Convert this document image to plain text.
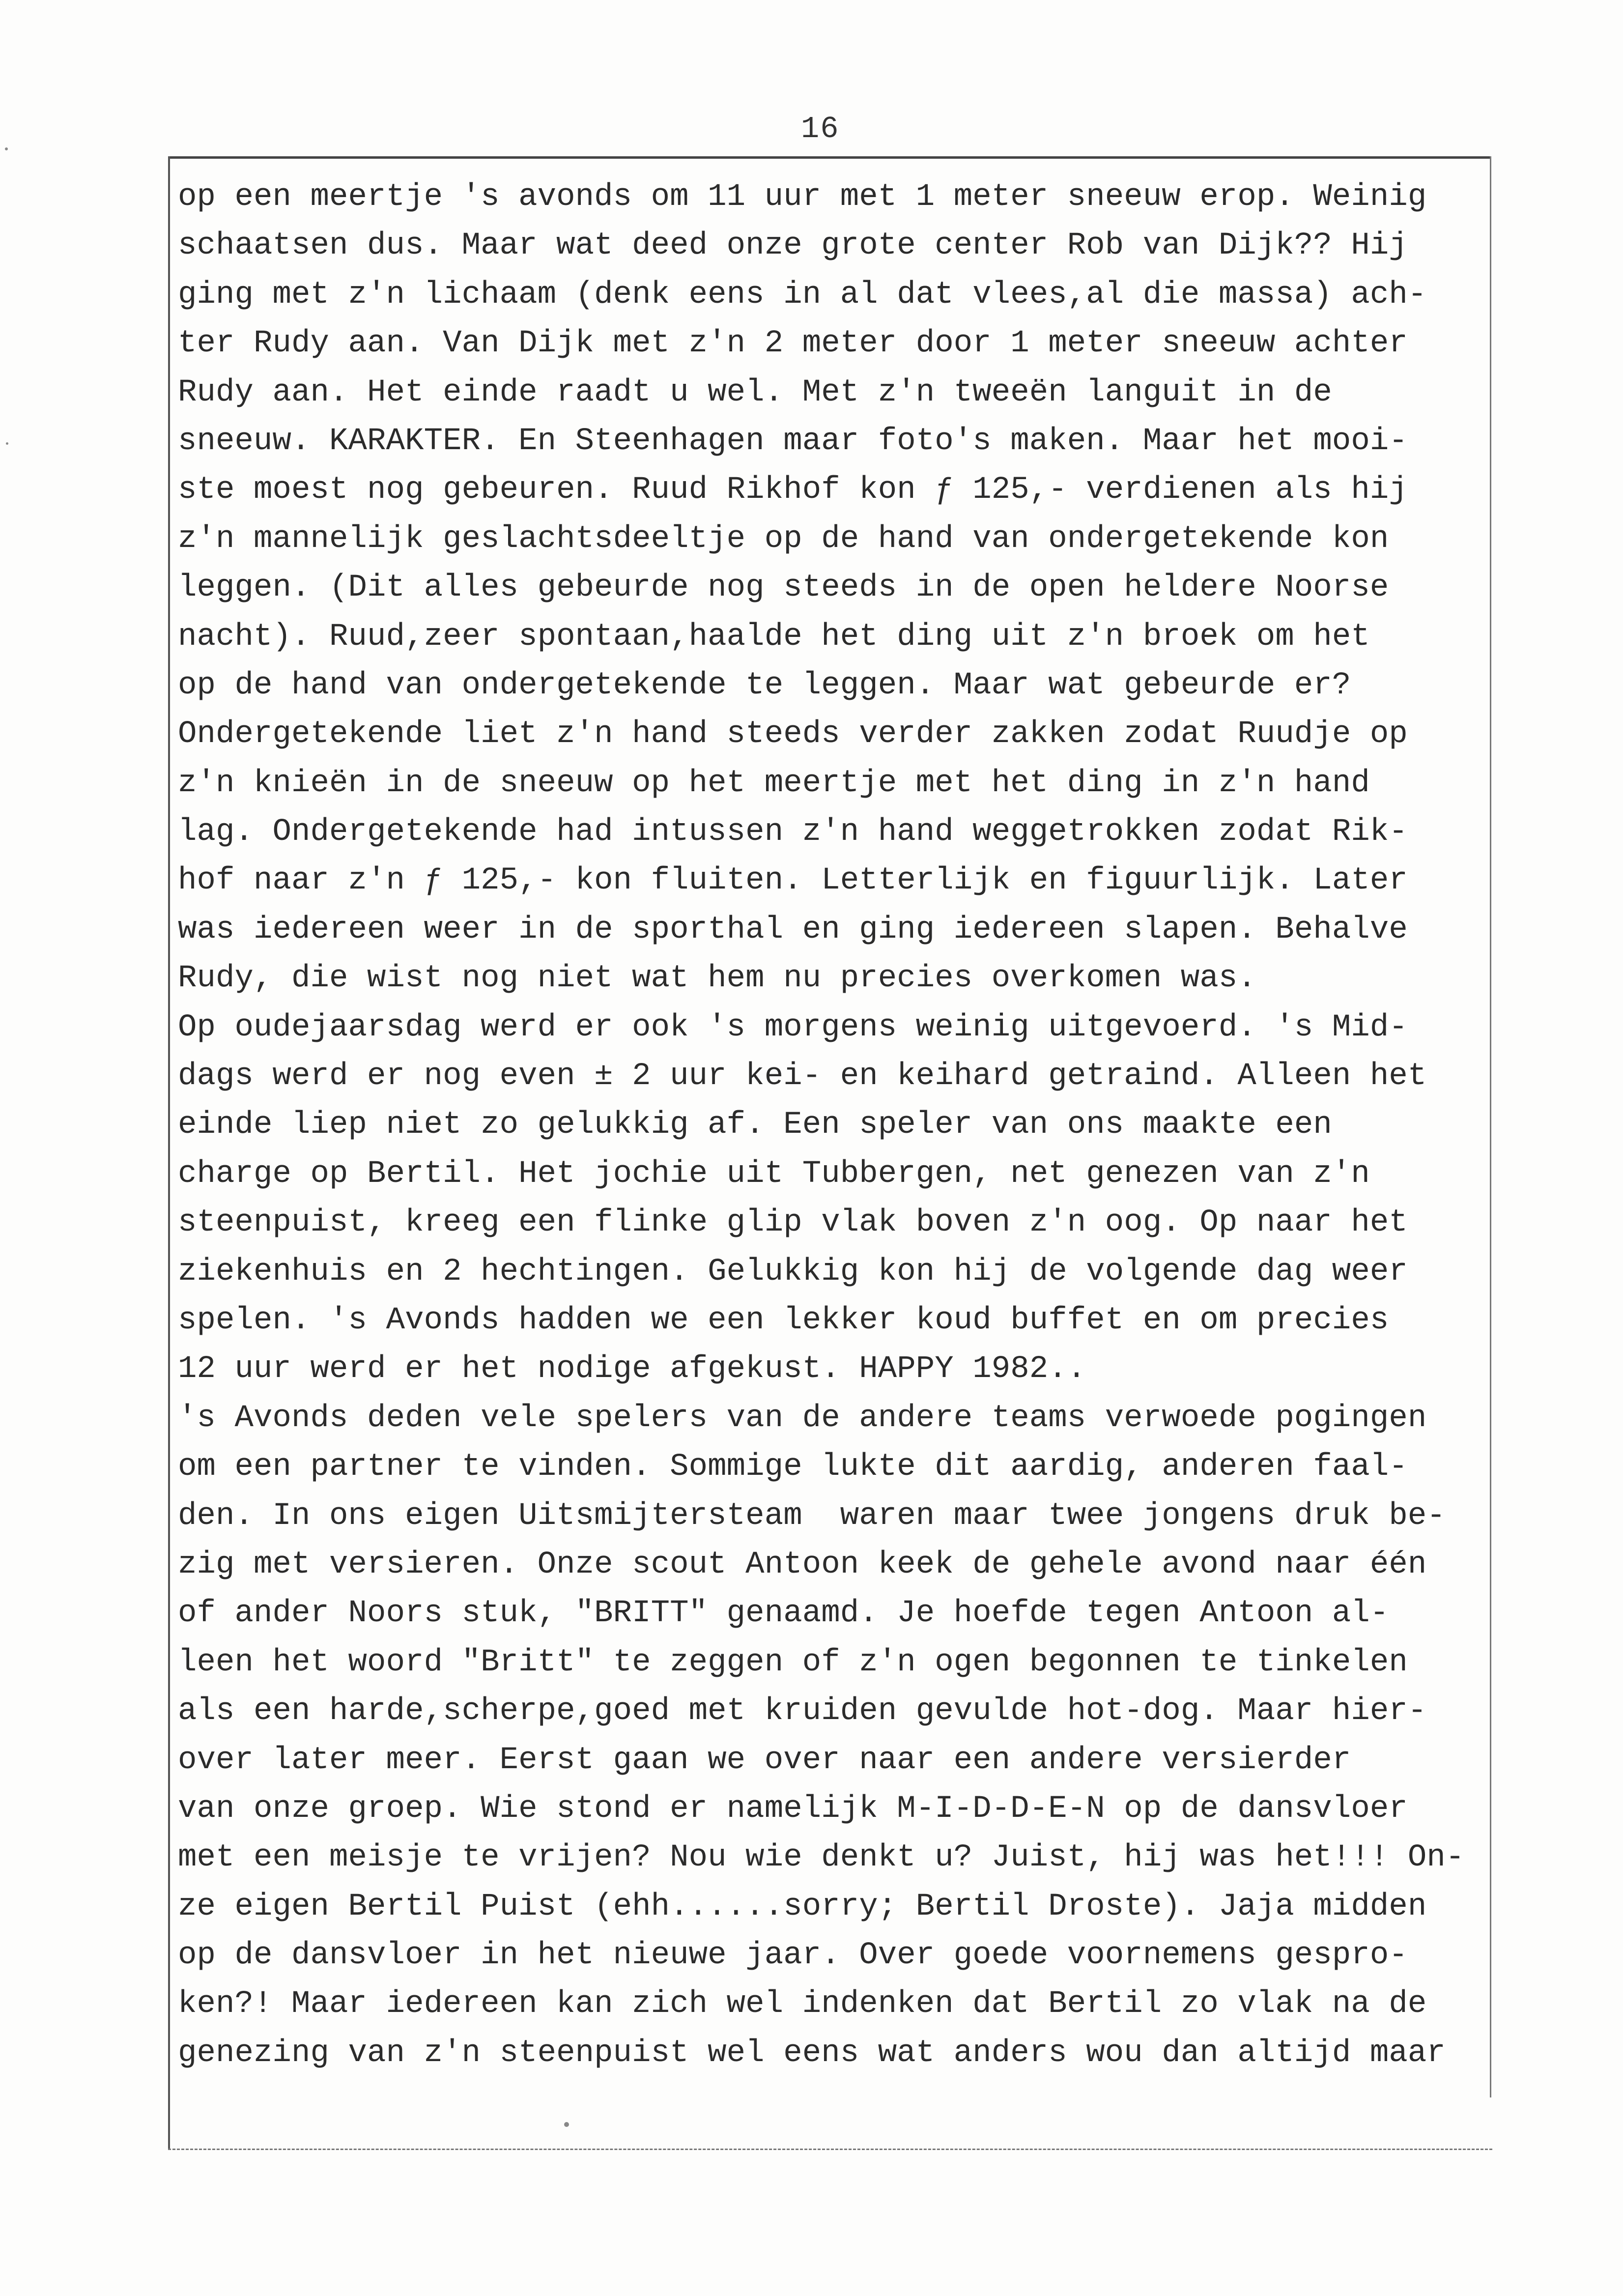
16
op een meertje 's avonds om 11 uur met 1 meter sneeuw erop. Weinig
schaatsen dus. Maar wat deed onze grote center Rob van Dijk?? Hij
ging met z'n lichaam (denk eens in al dat vlees,al die massa) ach-
ter Rudy aan. Van Dijk met z'n 2 meter door 1 meter sneeuw achter
Rudy aan. Het einde raadt u wel. Met z'n tweeën languit in de
sneeuw. KARAKTER. En Steenhagen maar foto's maken. Maar het mooi-
ste moest nog gebeuren. Ruud Rikhof kon ƒ 125,- verdienen als hij
z'n mannelijk geslachtsdeeltje op de hand van ondergetekende kon
leggen. (Dit alles gebeurde nog steeds in de open heldere Noorse
nacht). Ruud,zeer spontaan,haalde het ding uit z'n broek om het
op de hand van ondergetekende te leggen. Maar wat gebeurde er?
Ondergetekende liet z'n hand steeds verder zakken zodat Ruudje op
z'n knieën in de sneeuw op het meertje met het ding in z'n hand
lag. Ondergetekende had intussen z'n hand weggetrokken zodat Rik-
hof naar z'n ƒ 125,- kon fluiten. Letterlijk en figuurlijk. Later
was iedereen weer in de sporthal en ging iedereen slapen. Behalve
Rudy, die wist nog niet wat hem nu precies overkomen was.
Op oudejaarsdag werd er ook 's morgens weinig uitgevoerd. 's Mid-
dags werd er nog even ± 2 uur kei- en keihard getraind. Alleen het
einde liep niet zo gelukkig af. Een speler van ons maakte een
charge op Bertil. Het jochie uit Tubbergen, net genezen van z'n
steenpuist, kreeg een flinke glip vlak boven z'n oog. Op naar het
ziekenhuis en 2 hechtingen. Gelukkig kon hij de volgende dag weer
spelen. 's Avonds hadden we een lekker koud buffet en om precies
12 uur werd er het nodige afgekust. HAPPY 1982..
's Avonds deden vele spelers van de andere teams verwoede pogingen
om een partner te vinden. Sommige lukte dit aardig, anderen faal-
den. In ons eigen Uitsmijtersteam  waren maar twee jongens druk be-
zig met versieren. Onze scout Antoon keek de gehele avond naar één
of ander Noors stuk, "BRITT" genaamd. Je hoefde tegen Antoon al-
leen het woord "Britt" te zeggen of z'n ogen begonnen te tinkelen
als een harde,scherpe,goed met kruiden gevulde hot-dog. Maar hier-
over later meer. Eerst gaan we over naar een andere versierder
van onze groep. Wie stond er namelijk M-I-D-D-E-N op de dansvloer
met een meisje te vrijen? Nou wie denkt u? Juist, hij was het!!! On-
ze eigen Bertil Puist (ehh......sorry; Bertil Droste). Jaja midden
op de dansvloer in het nieuwe jaar. Over goede voornemens gespro-
ken?! Maar iedereen kan zich wel indenken dat Bertil zo vlak na de
genezing van z'n steenpuist wel eens wat anders wou dan altijd maar
